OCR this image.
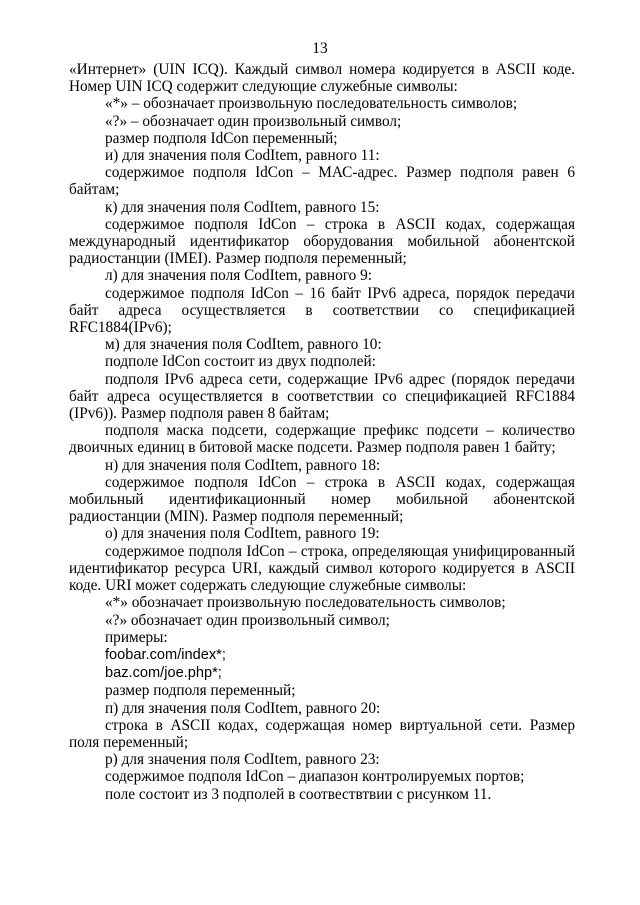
13

«Интернет» (UIN ICQ). Каждый символ номера кодируется в ASCII коде. Номер UIN ICQ содержит следующие служебные символы:

«*» – обозначает произвольную последовательность символов;

«?» – обозначает один произвольный символ;

размер подполя IdCon переменный;

и) для значения поля CodItem, равного 11:

содержимое подполя IdCon – МАС-адрес. Размер подполя равен 6 байтам;

к) для значения поля CodItem, равного 15:

содержимое подполя IdCon – строка в ASCII кодах, содержащая международный идентификатор оборудования мобильной абонентской радиостанции (IMEI). Размер подполя переменный;

л) для значения поля CodItem, равного 9:

содержимое подполя IdCon – 16 байт IPv6 адреса, порядок передачи байт адреса осуществляется в соответствии со спецификацией RFC1884(IPv6);

м) для значения поля CodItem, равного 10:

подполе IdCon состоит из двух подполей:

подполя IPv6 адреса сети, содержащие IPv6 адрес (порядок передачи байт адреса осуществляется в соответствии со спецификацией RFC1884 (IPv6)). Размер подполя равен 8 байтам;

подполя маска подсети, содержащие префикс подсети – количество двоичных единиц в битовой маске подсети. Размер подполя равен 1 байту;

н) для значения поля CodItem, равного 18:

содержимое подполя IdCon – строка в ASCII кодах, содержащая мобильный идентификационный номер мобильной абонентской радиостанции (MIN). Размер подполя переменный;

о) для значения поля CodItem, равного 19:

содержимое подполя IdCon – строка, определяющая унифицированный идентификатор ресурса URI, каждый символ которого кодируется в ASCII коде. URI может содержать следующие служебные символы:

«*» обозначает произвольную последовательность символов;

«?» обозначает один произвольный символ;

примеры:

foobar.com/index*;

baz.com/joe.php*;

размер подполя переменный;

п) для значения поля CodItem, равного 20:

строка в ASCII кодах, содержащая номер виртуальной сети. Размер поля переменный;

р) для значения поля CodItem, равного 23:

содержимое подполя IdCon – диапазон контролируемых портов;

поле состоит из 3 подполей в соотвествтвии с рисунком 11.
